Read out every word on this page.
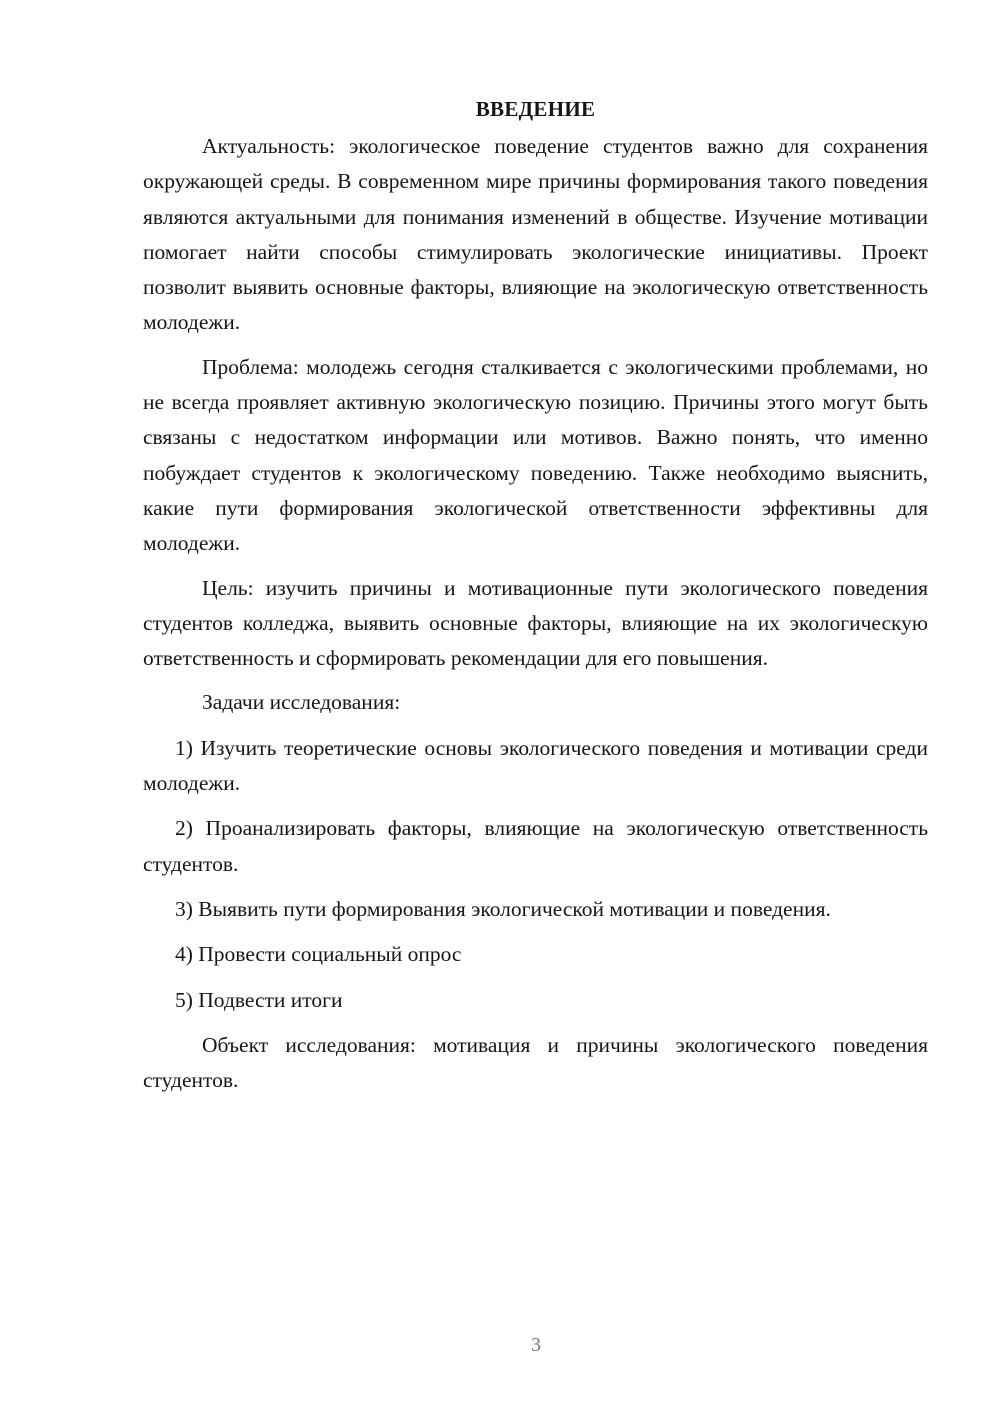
ВВЕДЕНИЕ

Актуальность: экологическое поведение студентов важно для сохранения окружающей среды. В современном мире причины формирования такого поведения являются актуальными для понимания изменений в обществе. Изучение мотивации помогает найти способы стимулировать экологические инициативы. Проект позволит выявить основные факторы, влияющие на экологическую ответственность молодежи.

Проблема: молодежь сегодня сталкивается с экологическими проблемами, но не всегда проявляет активную экологическую позицию. Причины этого могут быть связаны с недостатком информации или мотивов. Важно понять, что именно побуждает студентов к экологическому поведению. Также необходимо выяснить, какие пути формирования экологической ответственности эффективны для молодежи.

Цель: изучить причины и мотивационные пути экологического поведения студентов колледжа, выявить основные факторы, влияющие на их экологическую ответственность и сформировать рекомендации для его повышения.

Задачи исследования:

1) Изучить теоретические основы экологического поведения и мотивации среди молодежи.

2) Проанализировать факторы, влияющие на экологическую ответственность студентов.

3) Выявить пути формирования экологической мотивации и поведения.

4) Провести социальный опрос

5) Подвести итоги

Объект исследования: мотивация и причины экологического поведения студентов.

3
